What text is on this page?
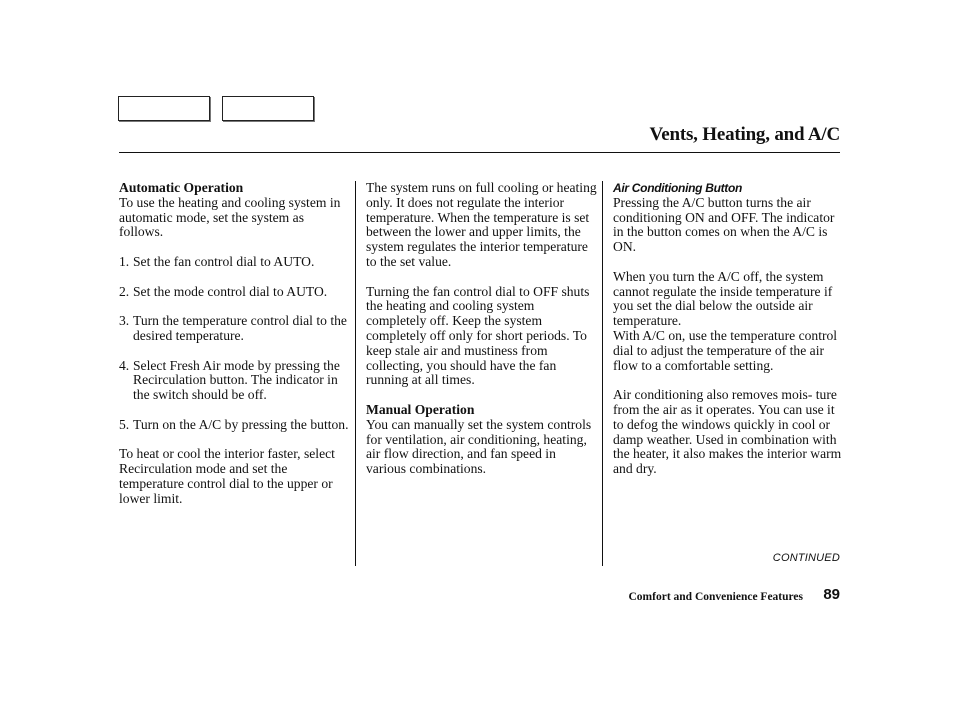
Vents, Heating, and A/C
Automatic Operation

To use the heating and cooling system in automatic mode, set the system as follows.

1. Set the fan control dial to AUTO.
2. Set the mode control dial to AUTO.
3. Turn the temperature control dial to the desired temperature.
4. Select Fresh Air mode by pressing the Recirculation button. The indicator in the switch should be off.
5. Turn on the A/C by pressing the button.

To heat or cool the interior faster, select Recirculation mode and set the temperature control dial to the upper or lower limit.

The system runs on full cooling or heating only. It does not regulate the interior temperature. When the temperature is set between the lower and upper limits, the system regulates the interior temperature to the set value.

Turning the fan control dial to OFF shuts the heating and cooling system completely off. Keep the system completely off only for short periods. To keep stale air and mustiness from collecting, you should have the fan running at all times.

Manual Operation

You can manually set the system controls for ventilation, air conditioning, heating, air flow direction, and fan speed in various combinations.

Air Conditioning Button

Pressing the A/C button turns the air conditioning ON and OFF. The indicator in the button comes on when the A/C is ON.

When you turn the A/C off, the system cannot regulate the inside temperature if you set the dial below the outside air temperature.

With A/C on, use the temperature control dial to adjust the temperature of the air flow to a comfortable setting.

Air conditioning also removes mois- ture from the air as it operates. You can use it to defog the windows quickly in cool or damp weather. Used in combination with the heater, it also makes the interior warm and dry.

CONTINUED
Comfort and Convenience Features 89
